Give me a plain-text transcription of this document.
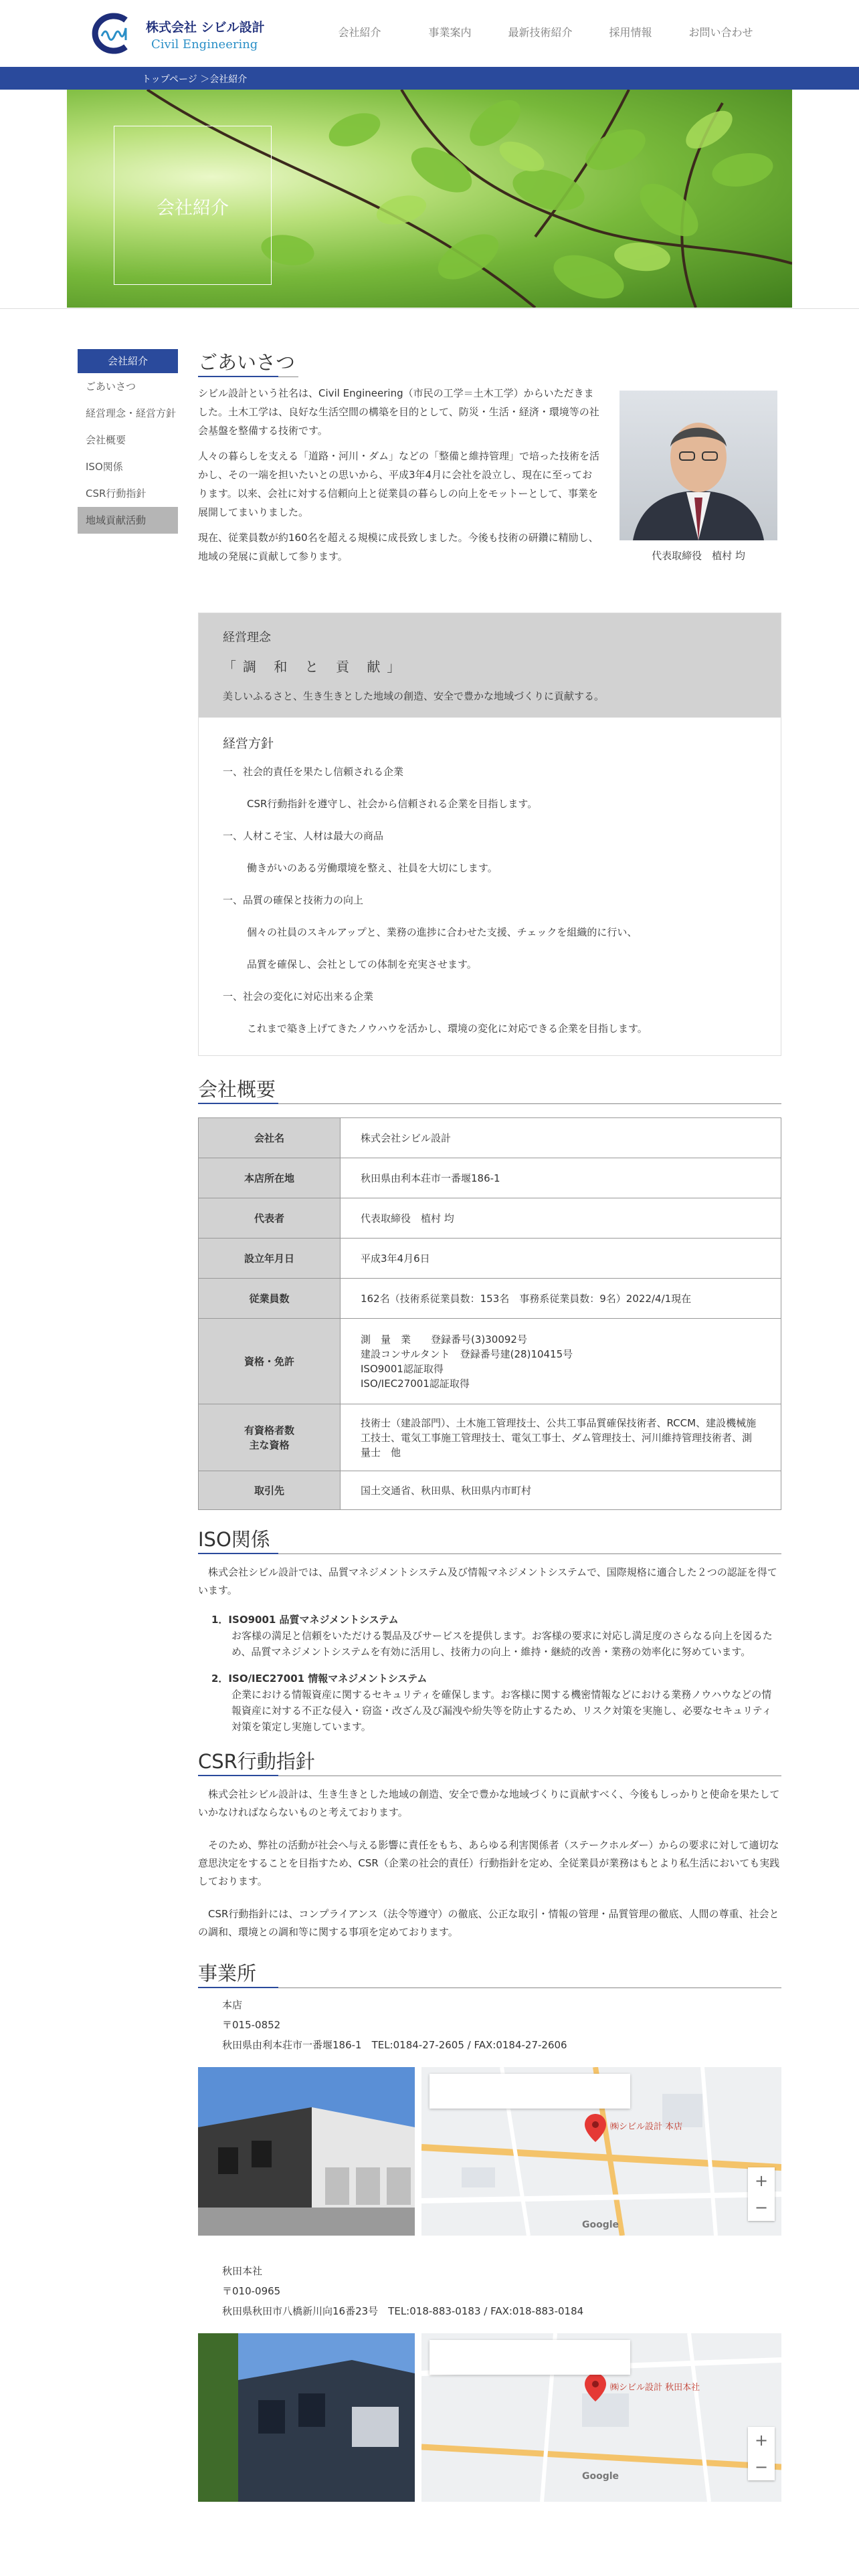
株式会社 シビル設計
Civil Engineering
会社紹介	事業案内	最新技術紹介	採用情報	お問い合わせ
トップページ ＞会社紹介
会社紹介
会社紹介
ごあいさつ
経営理念・経営方針
会社概要
ISO関係
CSR行動指針
地域貢献活動
ごあいさつ

シビル設計という社名は、Civil Engineering（市民の工学＝土木工学）からいただきました。土木工学は、良好な生活空間の構築を目的として、防災・生活・経済・環境等の社会基盤を整備する技術です。

人々の暮らしを支える「道路・河川・ダム」などの「整備と維持管理」で培った技術を活かし、その一端を担いたいとの思いから、平成3年4月に会社を設立し、現在に至っております。以来、会社に対する信頼向上と従業員の暮らしの向上をモットーとして、事業を展開してまいりました。

現在、従業員数が約160名を超える規模に成長致しました。今後も技術の研鑽に精励し、地域の発展に貢献して参ります。	代表取締役　植村 均
経営理念
「調 和 と 貢 献」
美しいふるさと、生き生きとした地域の創造、安全で豊かな地域づくりに貢献する。
経営方針
一、社会的責任を果たし信頼される企業
CSR行動指針を遵守し、社会から信頼される企業を目指します。
一、人材こそ宝、人材は最大の商品
働きがいのある労働環境を整え、社員を大切にします。
一、品質の確保と技術力の向上
個々の社員のスキルアップと、業務の進捗に合わせた支援、チェックを組織的に行い、
品質を確保し、会社としての体制を充実させます。
一、社会の変化に対応出来る企業
これまで築き上げてきたノウハウを活かし、環境の変化に対応できる企業を目指します。
会社概要
会社名	株式会社シビル設計
本店所在地	秋田県由利本荘市一番堰186-1
代表者	代表取締役　植村 均
設立年月日	平成3年4月6日
従業員数	162名（技術系従業員数：153名　事務系従業員数：9名）2022/4/1現在
資格・免許	測　量　業　　登録番号(3)30092号
建設コンサルタント　登録番号建(28)10415号
ISO9001認証取得
ISO/IEC27001認証取得

有資格者数
主な資格	技術士（建設部門）、土木施工管理技士、公共工事品質確保技術者、RCCM、建設機械施工技士、電気工事施工管理技士、電気工事士、ダム管理技士、河川維持管理技術者、測量士　他
取引先	国土交通省、秋田県、秋田県内市町村
ISO関係

株式会社シビル設計では、品質マネジメントシステム及び情報マネジメントシステムで、国際規格に適合した２つの認証を得ています。

1．ISO9001 品質マネジメントシステム
お客様の満足と信頼をいただける製品及びサービスを提供します。お客様の要求に対応し満足度のさらなる向上を図るため、品質マネジメントシステムを有効に活用し、技術力の向上・維持・継続的改善・業務の効率化に努めています。
2．ISO/IEC27001 情報マネジメントシステム
企業における情報資産に関するセキュリティを確保します。お客様に関する機密情報などにおける業務ノウハウなどの情報資産に対する不正な侵入・窃盗・改ざん及び漏洩や紛失等を防止するため、リスク対策を実施し、必要なセキュリティ対策を策定し実施しています。
CSR行動指針

株式会社シビル設計は、生き生きとした地域の創造、安全で豊かな地域づくりに貢献すべく、今後もしっかりと使命を果たしていかなければならないものと考えております。

そのため、弊社の活動が社会へ与える影響に責任をもち、あらゆる利害関係者（ステークホルダー）からの要求に対して適切な意思決定をすることを目指すため、CSR（企業の社会的責任）行動指針を定め、全従業員が業務はもとより私生活においても実践しております。

CSR行動指針には、コンプライアンス（法令等遵守）の徹底、公正な取引・情報の管理・品質管理の徹底、人間の尊重、社会との調和、環境との調和等に関する事項を定めております。

事業所
本店
〒015-0852
秋田県由利本荘市一番堰186-1　TEL:0184-27-2605 / FAX:0184-27-2606
㈱シビル設計 本店
+
−
Google
秋田本社
〒010-0965
秋田県秋田市八橋新川向16番23号　TEL:018-883-0183 / FAX:018-883-0184
㈱シビル設計 秋田本社
+
−
Google
